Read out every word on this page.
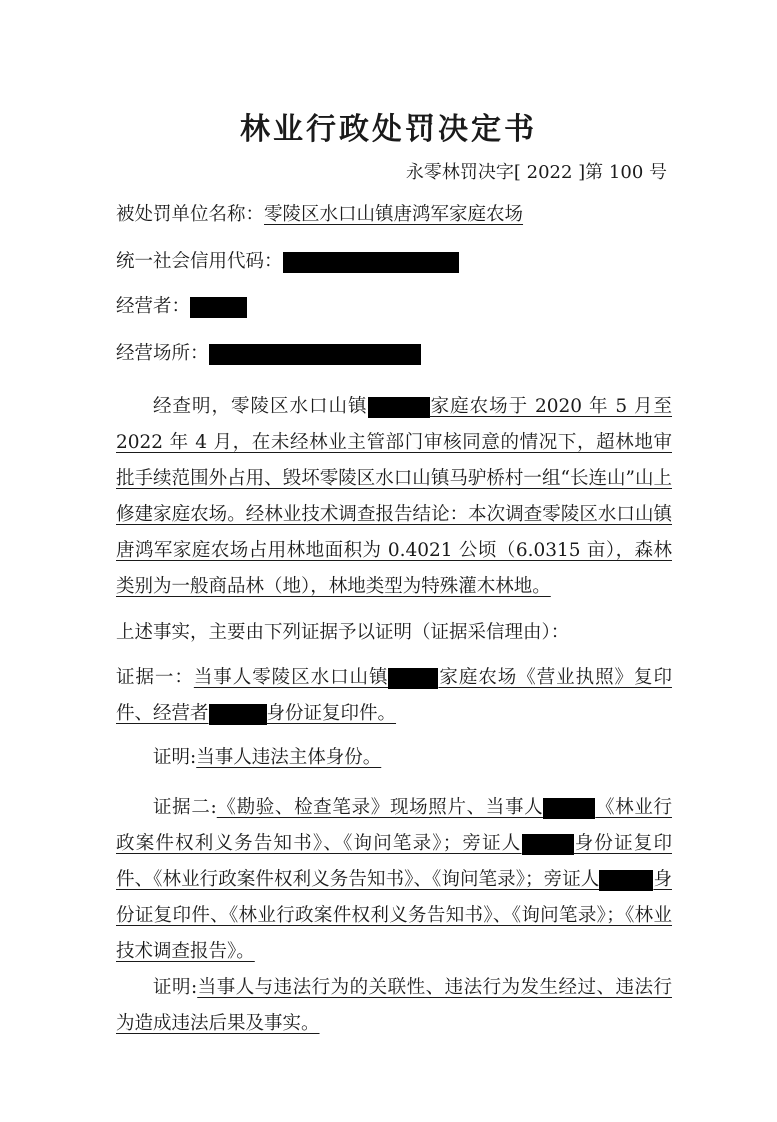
林业行政处罚决定书
永零林罚决字[ 2022 ]第 100 号
被处罚单位名称：零陵区水口山镇唐鸿军家庭农场
统一社会信用代码：
经营者：
经营场所：
经查明，零陵区水口山镇	家庭农场于 2020 年 5 月至2022 年 4 月，在未经林业主管部门审核同意的情况下，超林地审批手续范围外占用、毁坏零陵区水口山镇马驴桥村一组“长连山”山上修建家庭农场。经林业技术调查报告结论：本次调查零陵区水口山镇唐鸿军家庭农场占用林地面积为 0.4021 公顷（6.0315 亩），森林类别为一般商品林（地），林地类型为特殊灌木林地。
上述事实，主要由下列证据予以证明（证据采信理由）：
证据一：当事人零陵区水口山镇	家庭农场《营业执照》复印件、经营者	身份证复印件。
证明:当事人违法主体身份。
证据二:《勘验、检查笔录》现场照片、当事人	《林业行政案件权利义务告知书》、《询问笔录》；旁证人	身份证复印件、《林业行政案件权利义务告知书》、《询问笔录》；旁证人	身份证复印件、《林业行政案件权利义务告知书》、《询问笔录》；《林业技术调查报告》。
证明:当事人与违法行为的关联性、违法行为发生经过、违法行为造成违法后果及事实。
